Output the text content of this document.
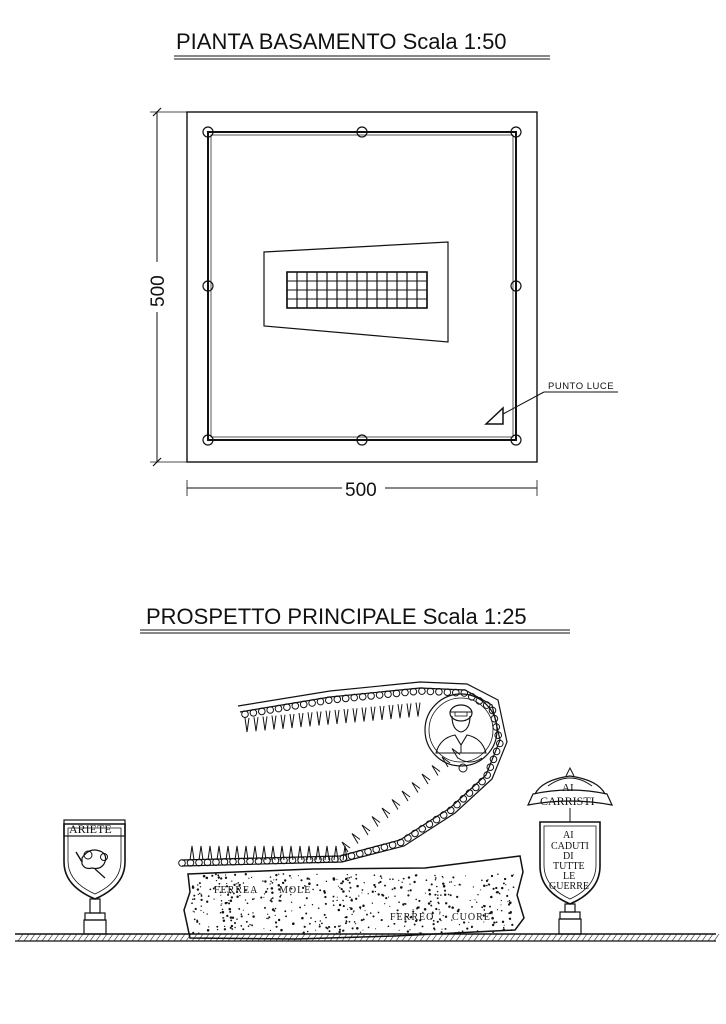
PIANTA BASAMENTO Scala 1:50
PUNTO LUCE
500
500
PROSPETTO PRINCIPALE Scala 1:25
FERREA MOLE
FERREO CUORE
ARIETE
AI
CARRISTI
AI
CADUTI
DI
TUTTE
LE
GUERRE
